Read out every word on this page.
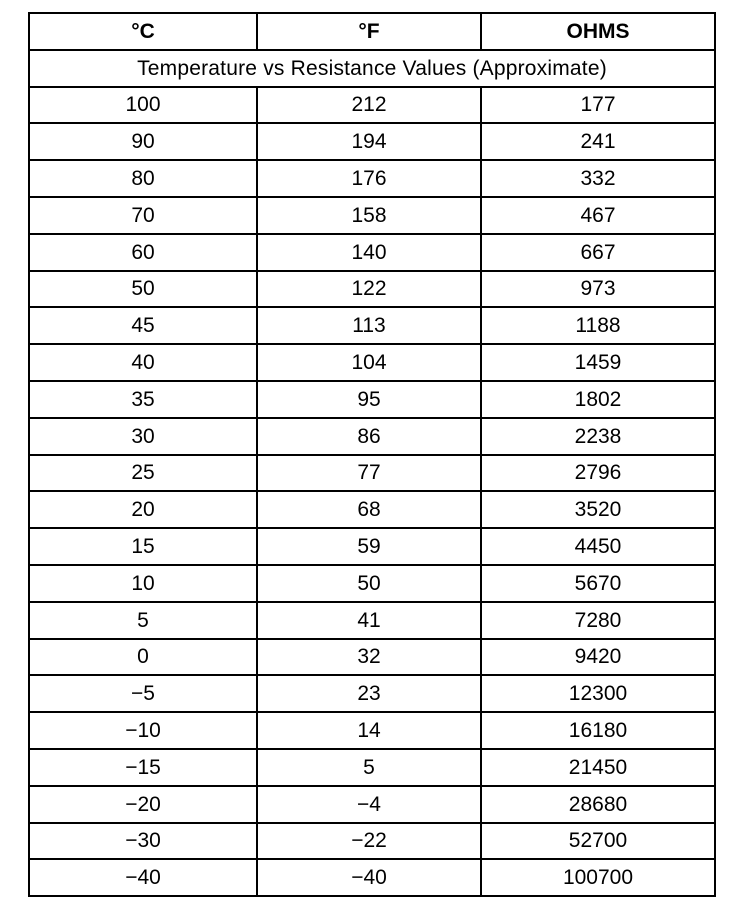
°C	°F	OHMS
Temperature vs Resistance Values (Approximate)		
100	212	177
90	194	241
80	176	332
70	158	467
60	140	667
50	122	973
45	113	1188
40	104	1459
35	95	1802
30	86	2238
25	77	2796
20	68	3520
15	59	4450
10	50	5670
5	41	7280
0	32	9420
−5	23	12300
−10	14	16180
−15	5	21450
−20	−4	28680
−30	−22	52700
−40	−40	100700
